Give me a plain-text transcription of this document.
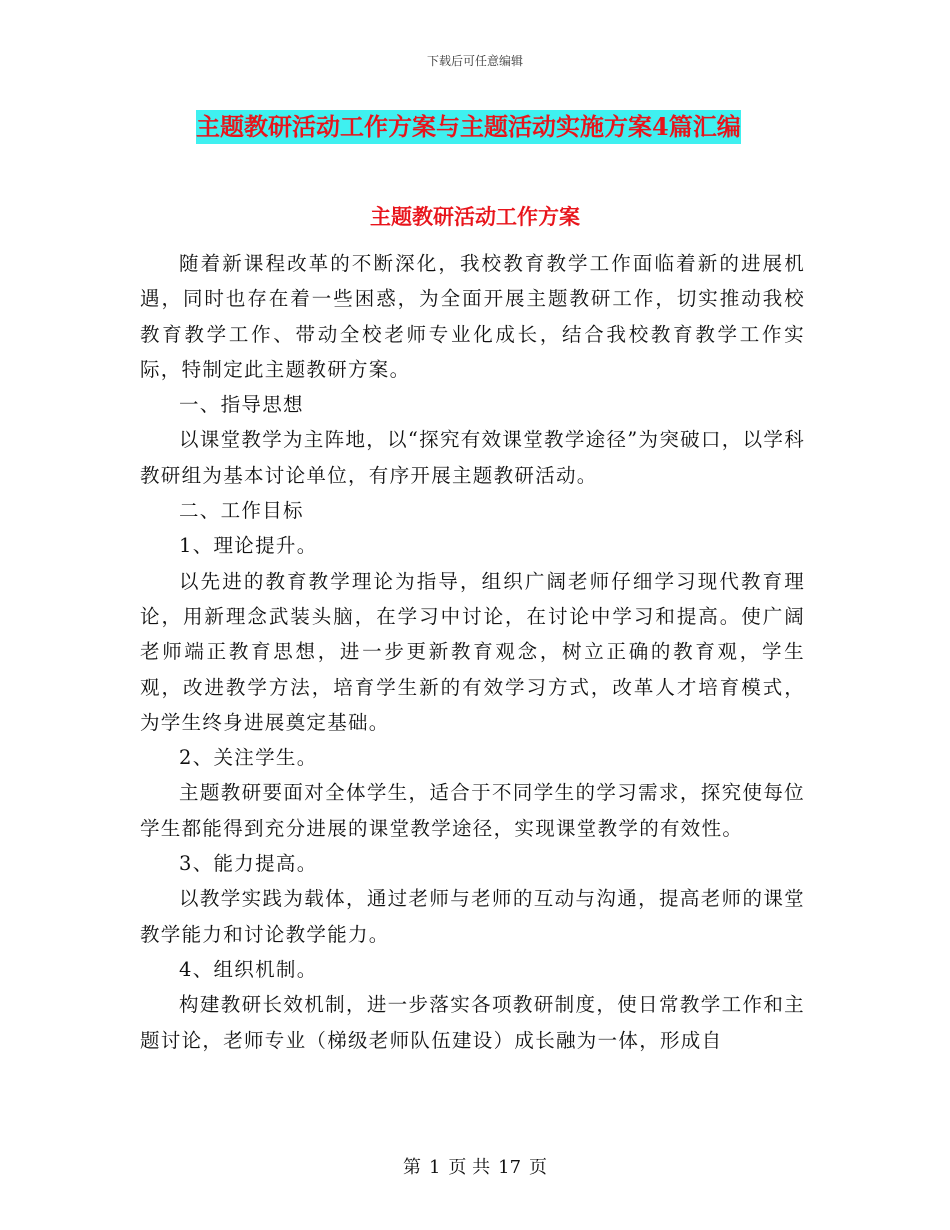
下载后可任意编辑
主题教研活动工作方案与主题活动实施方案4篇汇编
主题教研活动工作方案

随着新课程改革的不断深化，我校教育教学工作面临着新的进展机遇，同时也存在着一些困惑，为全面开展主题教研工作，切实推动我校教育教学工作、带动全校老师专业化成长，结合我校教育教学工作实际，特制定此主题教研方案。

一、指导思想

以课堂教学为主阵地，以“探究有效课堂教学途径”为突破口，以学科教研组为基本讨论单位，有序开展主题教研活动。

二、工作目标

1、理论提升。

以先进的教育教学理论为指导，组织广阔老师仔细学习现代教育理论，用新理念武装头脑，在学习中讨论，在讨论中学习和提高。使广阔老师端正教育思想，进一步更新教育观念，树立正确的教育观，学生观，改进教学方法，培育学生新的有效学习方式，改革人才培育模式，为学生终身进展奠定基础。

2、关注学生。

主题教研要面对全体学生，适合于不同学生的学习需求，探究使每位学生都能得到充分进展的课堂教学途径，实现课堂教学的有效性。

3、能力提高。

以教学实践为载体，通过老师与老师的互动与沟通，提高老师的课堂教学能力和讨论教学能力。

4、组织机制。

构建教研长效机制，进一步落实各项教研制度，使日常教学工作和主题讨论，老师专业（梯级老师队伍建设）成长融为一体，形成自

第 1 页 共 17 页
